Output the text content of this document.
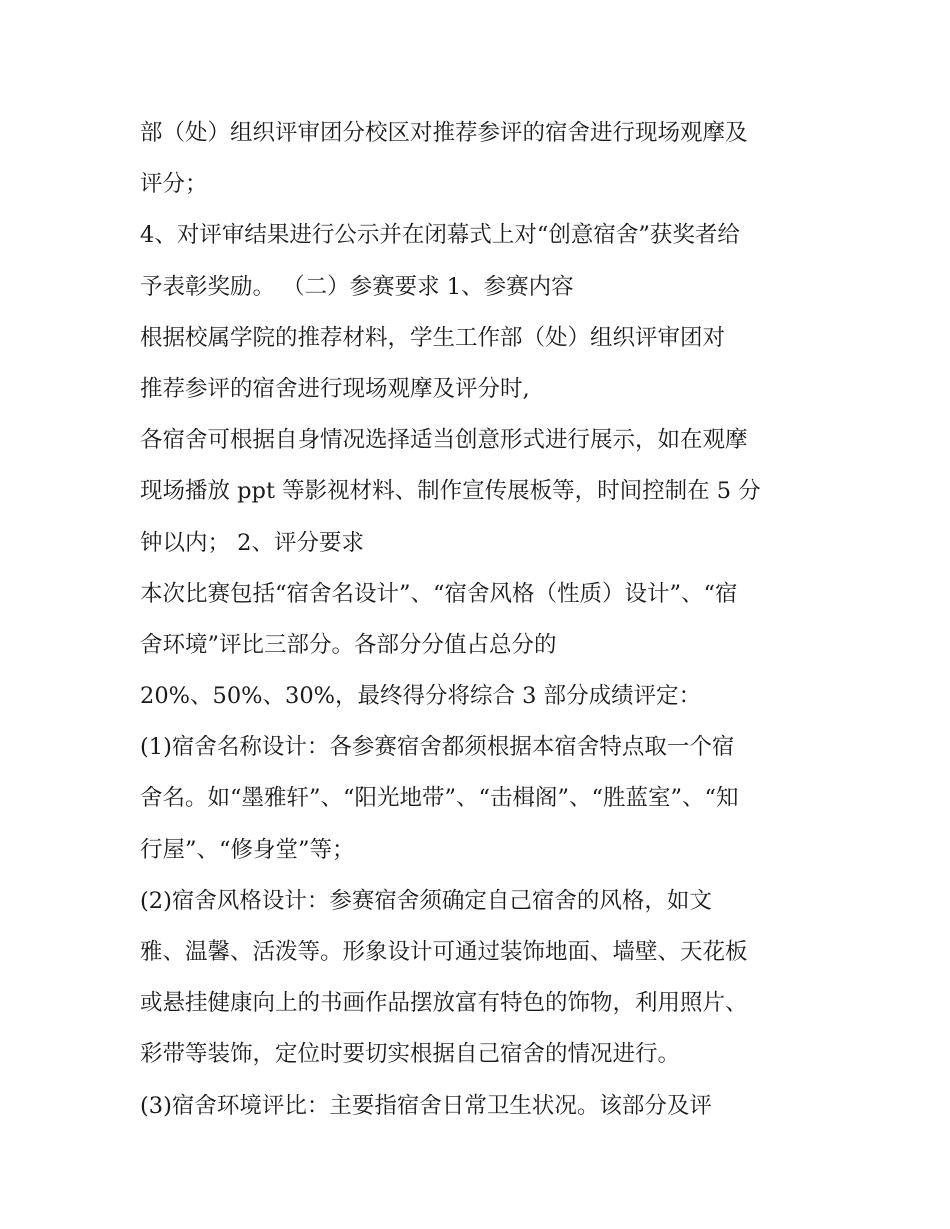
部（处）组织评审团分校区对推荐参评的宿舍进行现场观摩及
评分；
4、对评审结果进行公示并在闭幕式上对“创意宿舍”获奖者给
予表彰奖励。 （二）参赛要求 1、参赛内容
根据校属学院的推荐材料，学生工作部（处）组织评审团对
推荐参评的宿舍进行现场观摩及评分时,
各宿舍可根据自身情况选择适当创意形式进行展示，如在观摩
现场播放 ppt 等影视材料、制作宣传展板等，时间控制在 5 分
钟以内； 2、评分要求
本次比赛包括“宿舍名设计”、“宿舍风格（性质）设计”、“宿
舍环境”评比三部分。各部分分值占总分的
20%、50%、30%，最终得分将综合 3 部分成绩评定：
(1)宿舍名称设计：各参赛宿舍都须根据本宿舍特点取一个宿
舍名。如“墨雅轩”、“阳光地带”、“击楫阁”、“胜蓝室”、“知
行屋”、“修身堂”等；
(2)宿舍风格设计：参赛宿舍须确定自己宿舍的风格，如文
雅、温馨、活泼等。形象设计可通过装饰地面、墙壁、天花板
或悬挂健康向上的书画作品摆放富有特色的饰物，利用照片、
彩带等装饰，定位时要切实根据自己宿舍的情况进行。
(3)宿舍环境评比：主要指宿舍日常卫生状况。该部分及评
